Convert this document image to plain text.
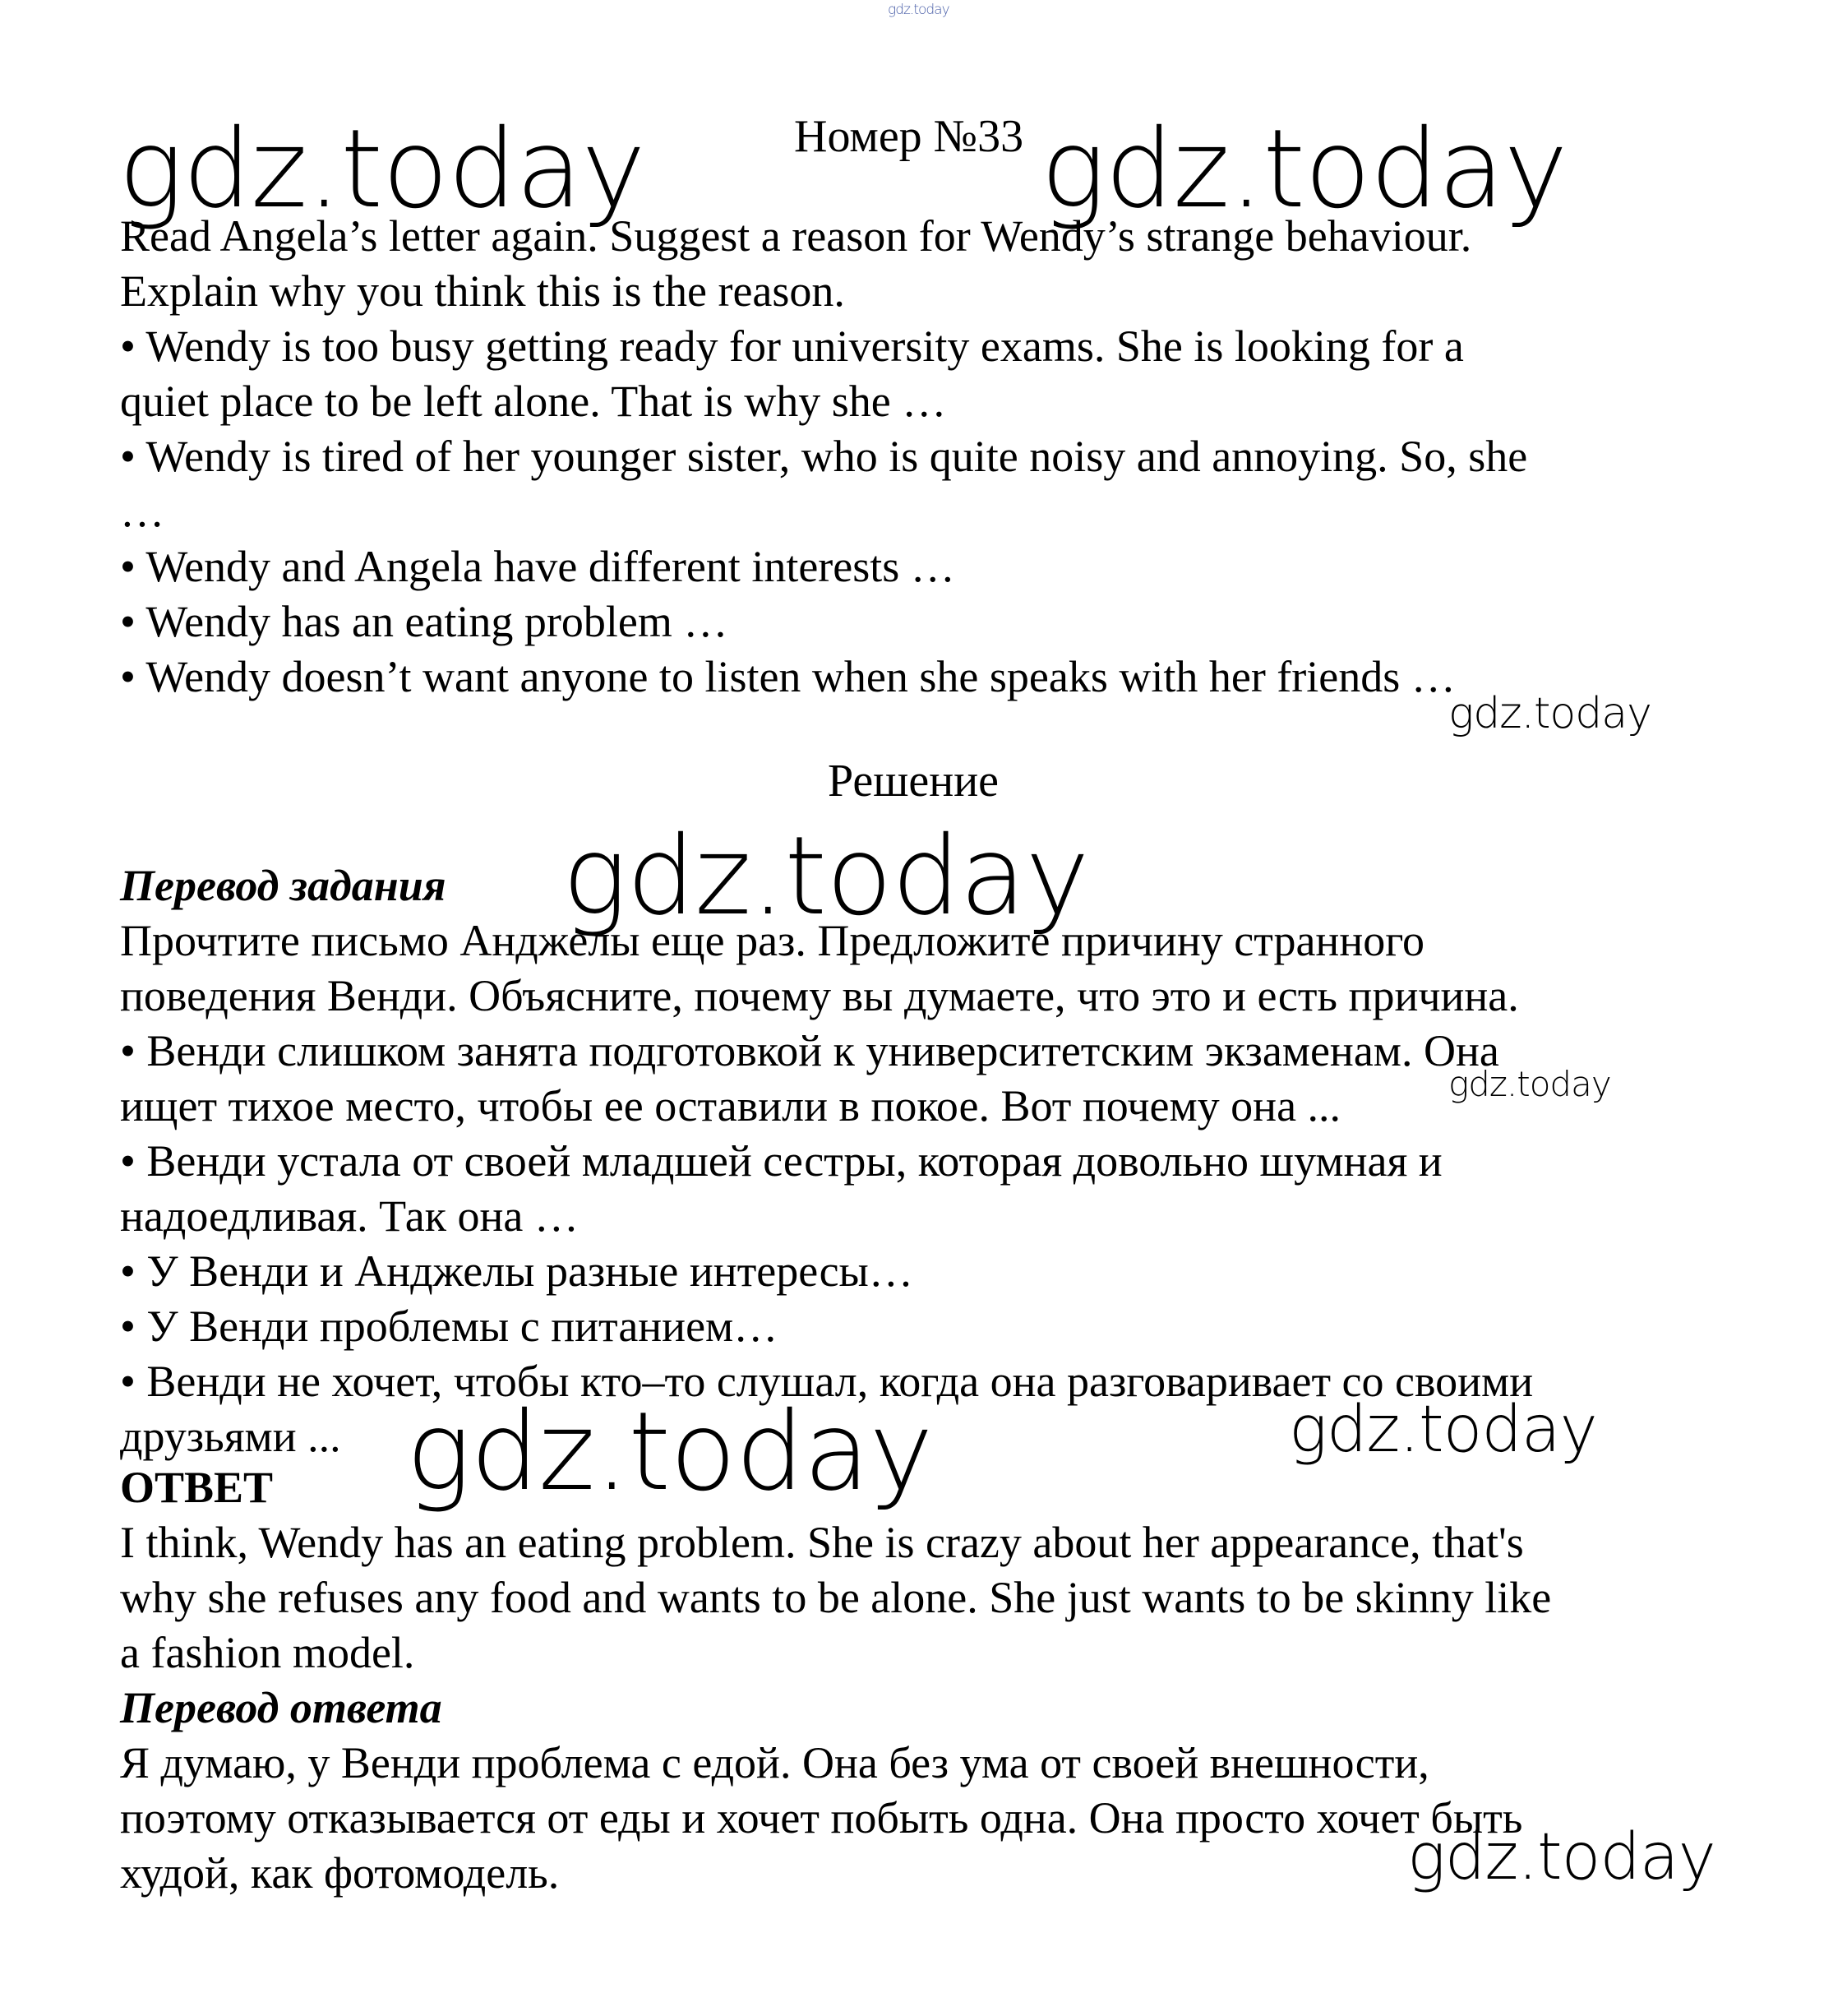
gdz.today
Номер №33
gdz.today	gdz.today
Read Angela’s letter again. Suggest a reason for Wendy’s strange behaviour.
Explain why you think this is the reason.
• Wendy is too busy getting ready for university exams. She is looking for a
quiet place to be left alone. That is why she …
• Wendy is tired of her younger sister, who is quite noisy and annoying. So, she
…
• Wendy and Angela have different interests …
• Wendy has an eating problem …
• Wendy doesn’t want anyone to listen when she speaks with her friends …
gdz.today
Решение
Перевод задания gdz.today
Прочтите письмо Анджелы еще раз. Предложите причину странного
поведения Венди. Объясните, почему вы думаете, что это и есть причина.
• Венди слишком занята подготовкой к университетским экзаменам. Она
ищет тихое место, чтобы ее оставили в покое. Вот почему она ...	gdz.today
• Венди устала от своей младшей сестры, которая довольно шумная и
надоедливая. Так она …
• У Венди и Анджелы разные интересы…
• У Венди проблемы с питанием…
• Венди не хочет, чтобы кто–то слушал, когда она разговаривает со своими
друзьями ... gdz.today	gdz.today
ОТВЕТ
I think, Wendy has an eating problem. She is crazy about her appearance, that's
why she refuses any food and wants to be alone. She just wants to be skinny like
a fashion model.
Перевод ответа
Я думаю, у Венди проблема с едой. Она без ума от своей внешности,
поэтому отказывается от еды и хочет побыть одна. Она просто хочет быть
худой, как фотомодель.	gdz.today
